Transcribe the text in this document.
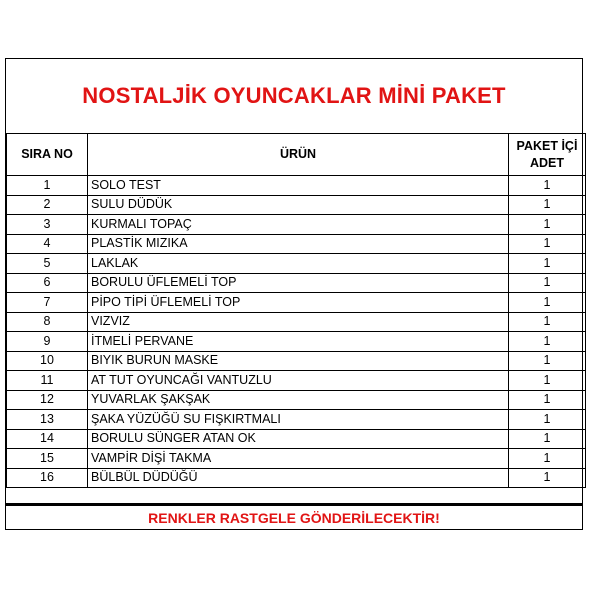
NOSTALJİK OYUNCAKLAR MİNİ PAKET
SIRA NO	ÜRÜN	PAKET İÇİ ADET
1	SOLO TEST	1
2	SULU DÜDÜK	1
3	KURMALI TOPAÇ	1
4	PLASTİK MIZIKA	1
5	LAKLAK	1
6	BORULU ÜFLEMELİ TOP	1
7	PİPO TİPİ ÜFLEMELİ TOP	1
8	VIZVIZ	1
9	İTMELİ PERVANE	1
10	BIYIK BURUN MASKE	1
11	AT TUT OYUNCAĞI VANTUZLU	1
12	YUVARLAK ŞAKŞAK	1
13	ŞAKA YÜZÜĞÜ SU FIŞKIRTMALI	1
14	BORULU SÜNGER ATAN OK	1
15	VAMPİR DİŞİ TAKMA	1
16	BÜLBÜL DÜDÜĞÜ	1
RENKLER RASTGELE GÖNDERİLECEKTİR!
